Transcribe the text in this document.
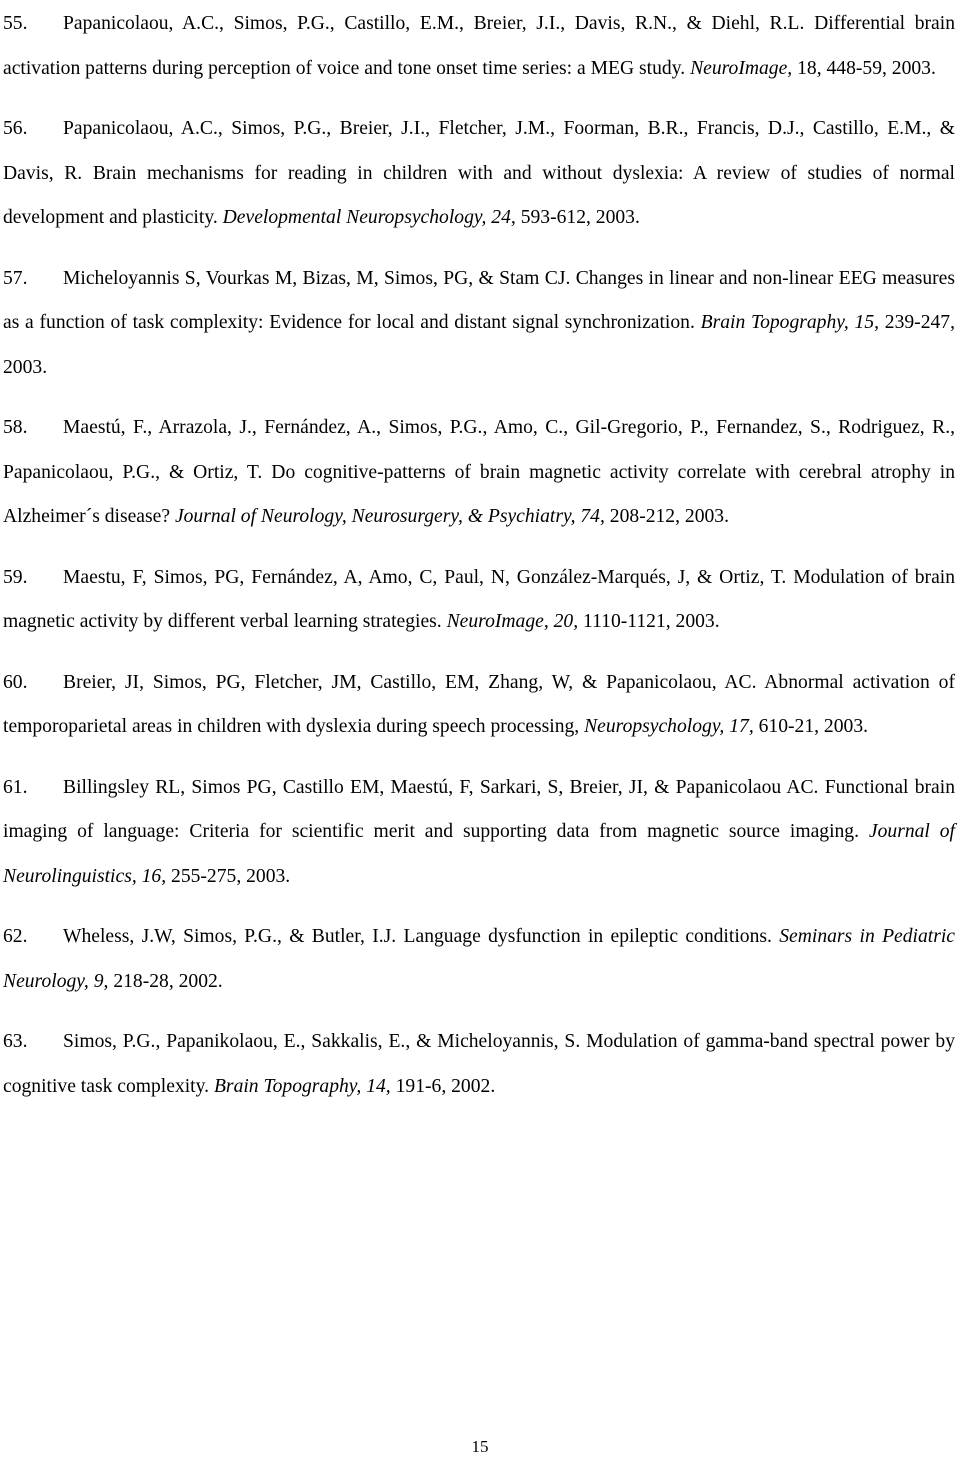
55. Papanicolaou, A.C., Simos, P.G., Castillo, E.M., Breier, J.I., Davis, R.N., & Diehl, R.L. Differential brain activation patterns during perception of voice and tone onset time series: a MEG study. NeuroImage, 18, 448-59, 2003.

56. Papanicolaou, A.C., Simos, P.G., Breier, J.I., Fletcher, J.M., Foorman, B.R., Francis, D.J., Castillo, E.M., & Davis, R. Brain mechanisms for reading in children with and without dyslexia: A review of studies of normal development and plasticity. Developmental Neuropsychology, 24, 593-612, 2003.

57. Micheloyannis S, Vourkas M, Bizas, M, Simos, PG, & Stam CJ. Changes in linear and non-linear EEG measures as a function of task complexity: Evidence for local and distant signal synchronization. Brain Topography, 15, 239-247, 2003.

58. Maestú, F., Arrazola, J., Fernández, A., Simos, P.G., Amo, C., Gil-Gregorio, P., Fernandez, S., Rodriguez, R., Papanicolaou, P.G., & Ortiz, T. Do cognitive-patterns of brain magnetic activity correlate with cerebral atrophy in Alzheimer´s disease? Journal of Neurology, Neurosurgery, & Psychiatry, 74, 208-212, 2003.

59. Maestu, F, Simos, PG, Fernández, A, Amo, C, Paul, N, González-Marqués, J, & Ortiz, T. Modulation of brain magnetic activity by different verbal learning strategies. NeuroImage, 20, 1110-1121, 2003.

60. Breier, JI, Simos, PG, Fletcher, JM, Castillo, EM, Zhang, W, & Papanicolaou, AC. Abnormal activation of temporoparietal areas in children with dyslexia during speech processing, Neuropsychology, 17, 610-21, 2003.

61. Billingsley RL, Simos PG, Castillo EM, Maestú, F, Sarkari, S, Breier, JI, & Papanicolaou AC. Functional brain imaging of language: Criteria for scientific merit and supporting data from magnetic source imaging. Journal of Neurolinguistics, 16, 255-275, 2003.

62. Wheless, J.W, Simos, P.G., & Butler, I.J. Language dysfunction in epileptic conditions. Seminars in Pediatric Neurology, 9, 218-28, 2002.

63. Simos, P.G., Papanikolaou, E., Sakkalis, E., & Micheloyannis, S. Modulation of gamma-band spectral power by cognitive task complexity. Brain Topography, 14, 191-6, 2002.

15
